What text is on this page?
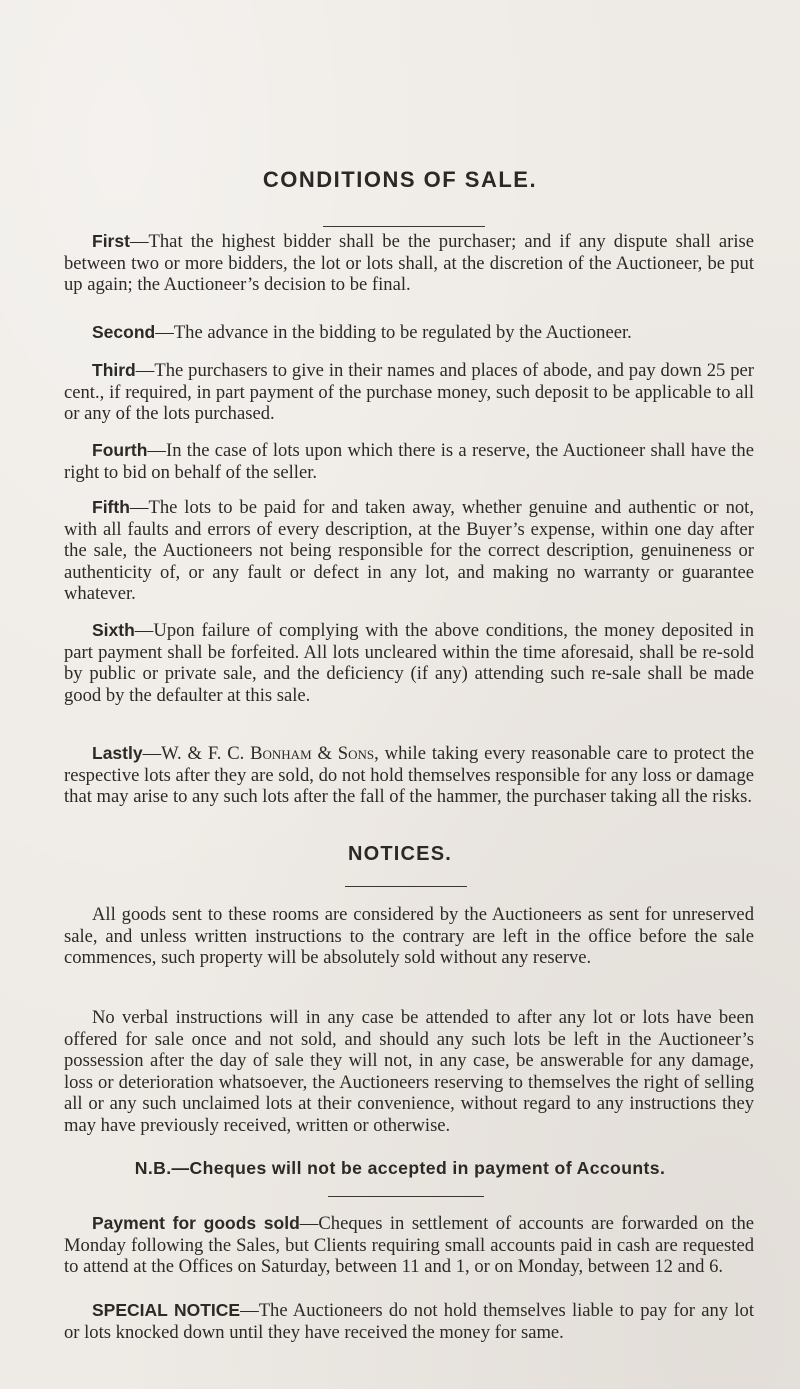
CONDITIONS OF SALE.

First—That the highest bidder shall be the purchaser; and if any dispute shall arise between two or more bidders, the lot or lots shall, at the discretion of the Auctioneer, be put up again; the Auctioneer’s decision to be final.

Second—The advance in the bidding to be regulated by the Auctioneer.

Third—The purchasers to give in their names and places of abode, and pay down 25 per cent., if required, in part payment of the purchase money, such deposit to be applicable to all or any of the lots purchased.

Fourth—In the case of lots upon which there is a reserve, the Auctioneer shall have the right to bid on behalf of the seller.

Fifth—The lots to be paid for and taken away, whether genuine and authentic or not, with all faults and errors of every description, at the Buyer’s expense, within one day after the sale, the Auctioneers not being responsible for the correct description, genuineness or authenticity of, or any fault or defect in any lot, and making no warranty or guarantee whatever.

Sixth—Upon failure of complying with the above conditions, the money deposited in part payment shall be forfeited. All lots uncleared within the time aforesaid, shall be re-sold by public or private sale, and the deficiency (if any) attending such re-sale shall be made good by the defaulter at this sale.

Lastly—W. & F. C. Bonham & Sons, while taking every reasonable care to protect the respective lots after they are sold, do not hold themselves responsible for any loss or damage that may arise to any such lots after the fall of the hammer, the purchaser taking all the risks.

NOTICES.

All goods sent to these rooms are considered by the Auctioneers as sent for unreserved sale, and unless written instructions to the contrary are left in the office before the sale commences, such property will be absolutely sold without any reserve.

No verbal instructions will in any case be attended to after any lot or lots have been offered for sale once and not sold, and should any such lots be left in the Auctioneer’s possession after the day of sale they will not, in any case, be answerable for any damage, loss or deterioration whatsoever, the Auctioneers reserving to themselves the right of selling all or any such unclaimed lots at their convenience, without regard to any instructions they may have previously received, written or otherwise.

N.B.—Cheques will not be accepted in payment of Accounts.

Payment for goods sold—Cheques in settlement of accounts are forwarded on the Monday following the Sales, but Clients requiring small accounts paid in cash are requested to attend at the Offices on Saturday, between 11 and 1, or on Monday, between 12 and 6.

SPECIAL NOTICE—The Auctioneers do not hold themselves liable to pay for any lot or lots knocked down until they have received the money for same.
